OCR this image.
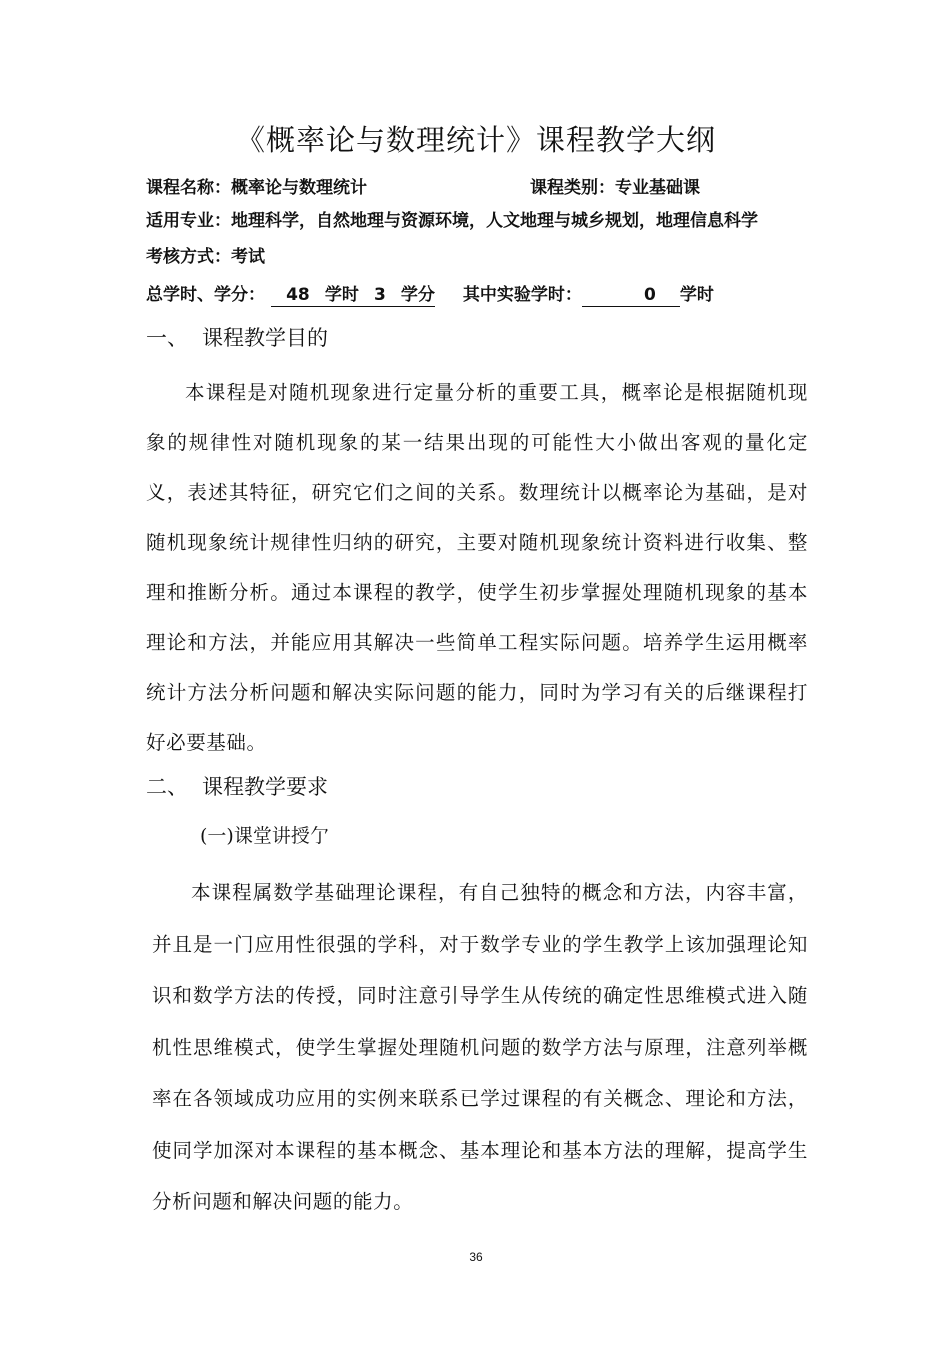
《概率论与数理统计》课程教学大纲
课程名称：概率论与数理统计	课程类别：专业基础课
适用专业：地理科学，自然地理与资源环境，人文地理与城乡规划，地理信息科学
考核方式：考试
总学时、学分： 48 学时 3 学分 其中实验学时：	0 学时
一、 课程教学目的

本课程是对随机现象进行定量分析的重要工具，概率论是根据随机现象的规律性对随机现象的某一结果出现的可能性大小做出客观的量化定义，表述其特征，研究它们之间的关系。数理统计以概率论为基础，是对随机现象统计规律性归纳的研究，主要对随机现象统计资料进行收集、整理和推断分析。通过本课程的教学，使学生初步掌握处理随机现象的基本理论和方法，并能应用其解决一些简单工程实际问题。培养学生运用概率统计方法分析问题和解决实际问题的能力，同时为学习有关的后继课程打好必要基础。

二、 课程教学要求
(一)课堂讲授亇

本课程属数学基础理论课程，有自己独特的概念和方法，内容丰富，并且是一门应用性很强的学科，对于数学专业的学生教学上该加强理论知识和数学方法的传授，同时注意引导学生从传统的确定性思维模式进入随机性思维模式，使学生掌握处理随机问题的数学方法与原理，注意列举概率在各领域成功应用的实例来联系已学过课程的有关概念、理论和方法，使同学加深对本课程的基本概念、基本理论和基本方法的理解，提高学生分析问题和解决问题的能力。

36
